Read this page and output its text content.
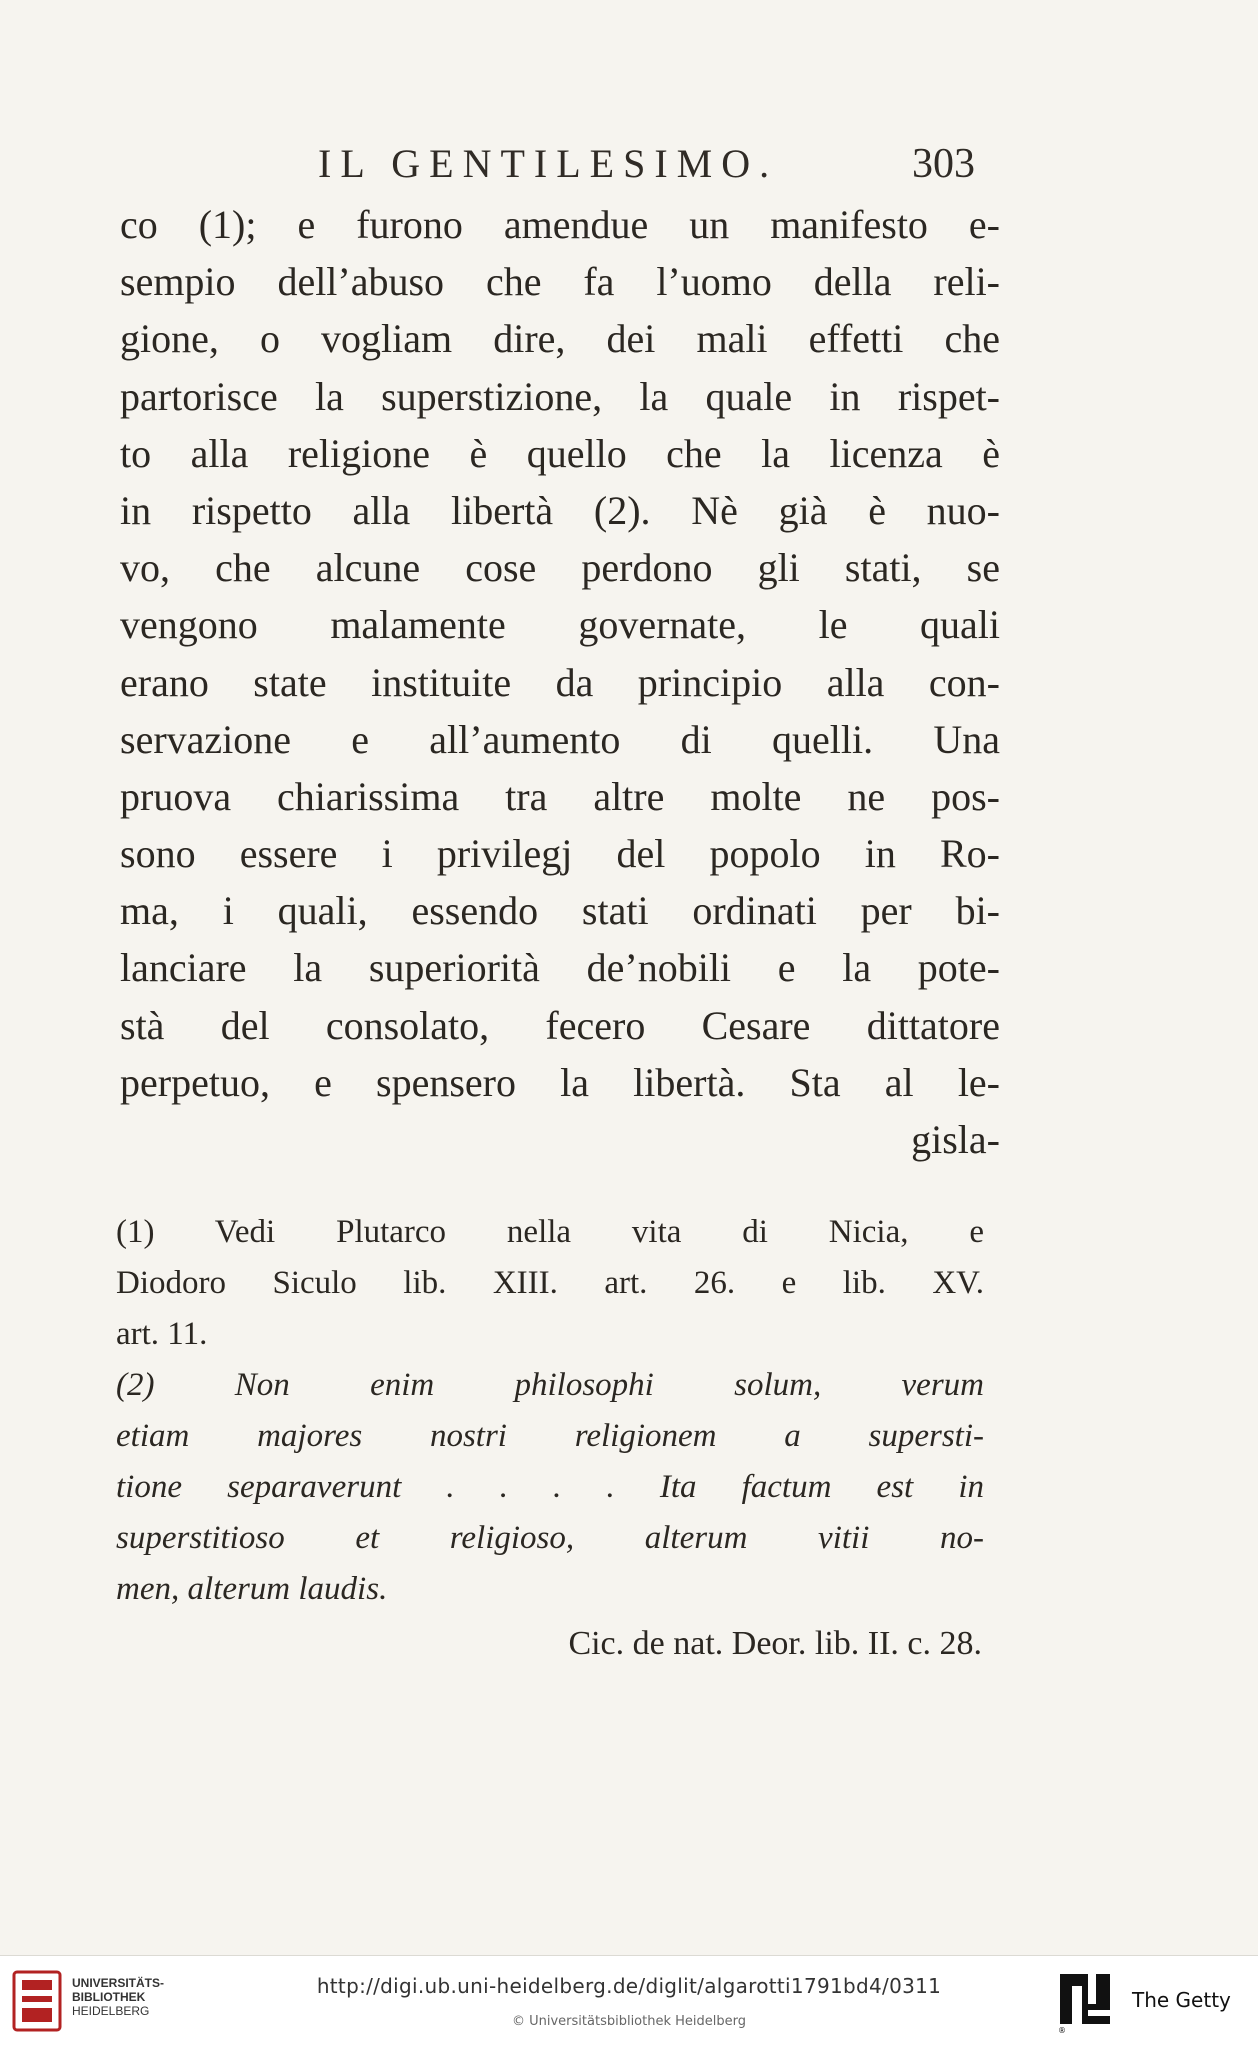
IL GENTILESIMO.	303
co (1); e furono amendue un manifesto e-
sempio dell’abuso che fa l’uomo della reli-
gione, o vogliam dire, dei mali effetti che
partorisce la superstizione, la quale in rispet-
to alla religione è quello che la licenza è
in rispetto alla libertà (2). Nè già è nuo-
vo, che alcune cose perdono gli stati, se
vengono malamente governate, le quali
erano state instituite da principio alla con-
servazione e all’aumento di quelli. Una
pruova chiarissima tra altre molte ne pos-
sono essere i privilegj del popolo in Ro-
ma, i quali, essendo stati ordinati per bi-
lanciare la superiorità de’nobili e la pote-
stà del consolato, fecero Cesare dittatore
perpetuo, e spensero la libertà. Sta al le-
gisla-
(1) Vedi Plutarco nella vita di Nicia, e
Diodoro Siculo lib. XIII. art. 26. e lib. XV.
art. 11.
(2) Non enim philosophi solum, verum
etiam majores nostri religionem a supersti-
tione separaverunt . . . . Ita factum est in
superstitioso et religioso, alterum vitii no-
men, alterum laudis.
Cic. de nat. Deor. lib. II. c. 28.
UNIVERSITÄTS-
BIBLIOTHEK
HEIDELBERG
http://digi.ub.uni-heidelberg.de/diglit/algarotti1791bd4/0311
© Universitätsbibliothek Heidelberg
®
The Getty
